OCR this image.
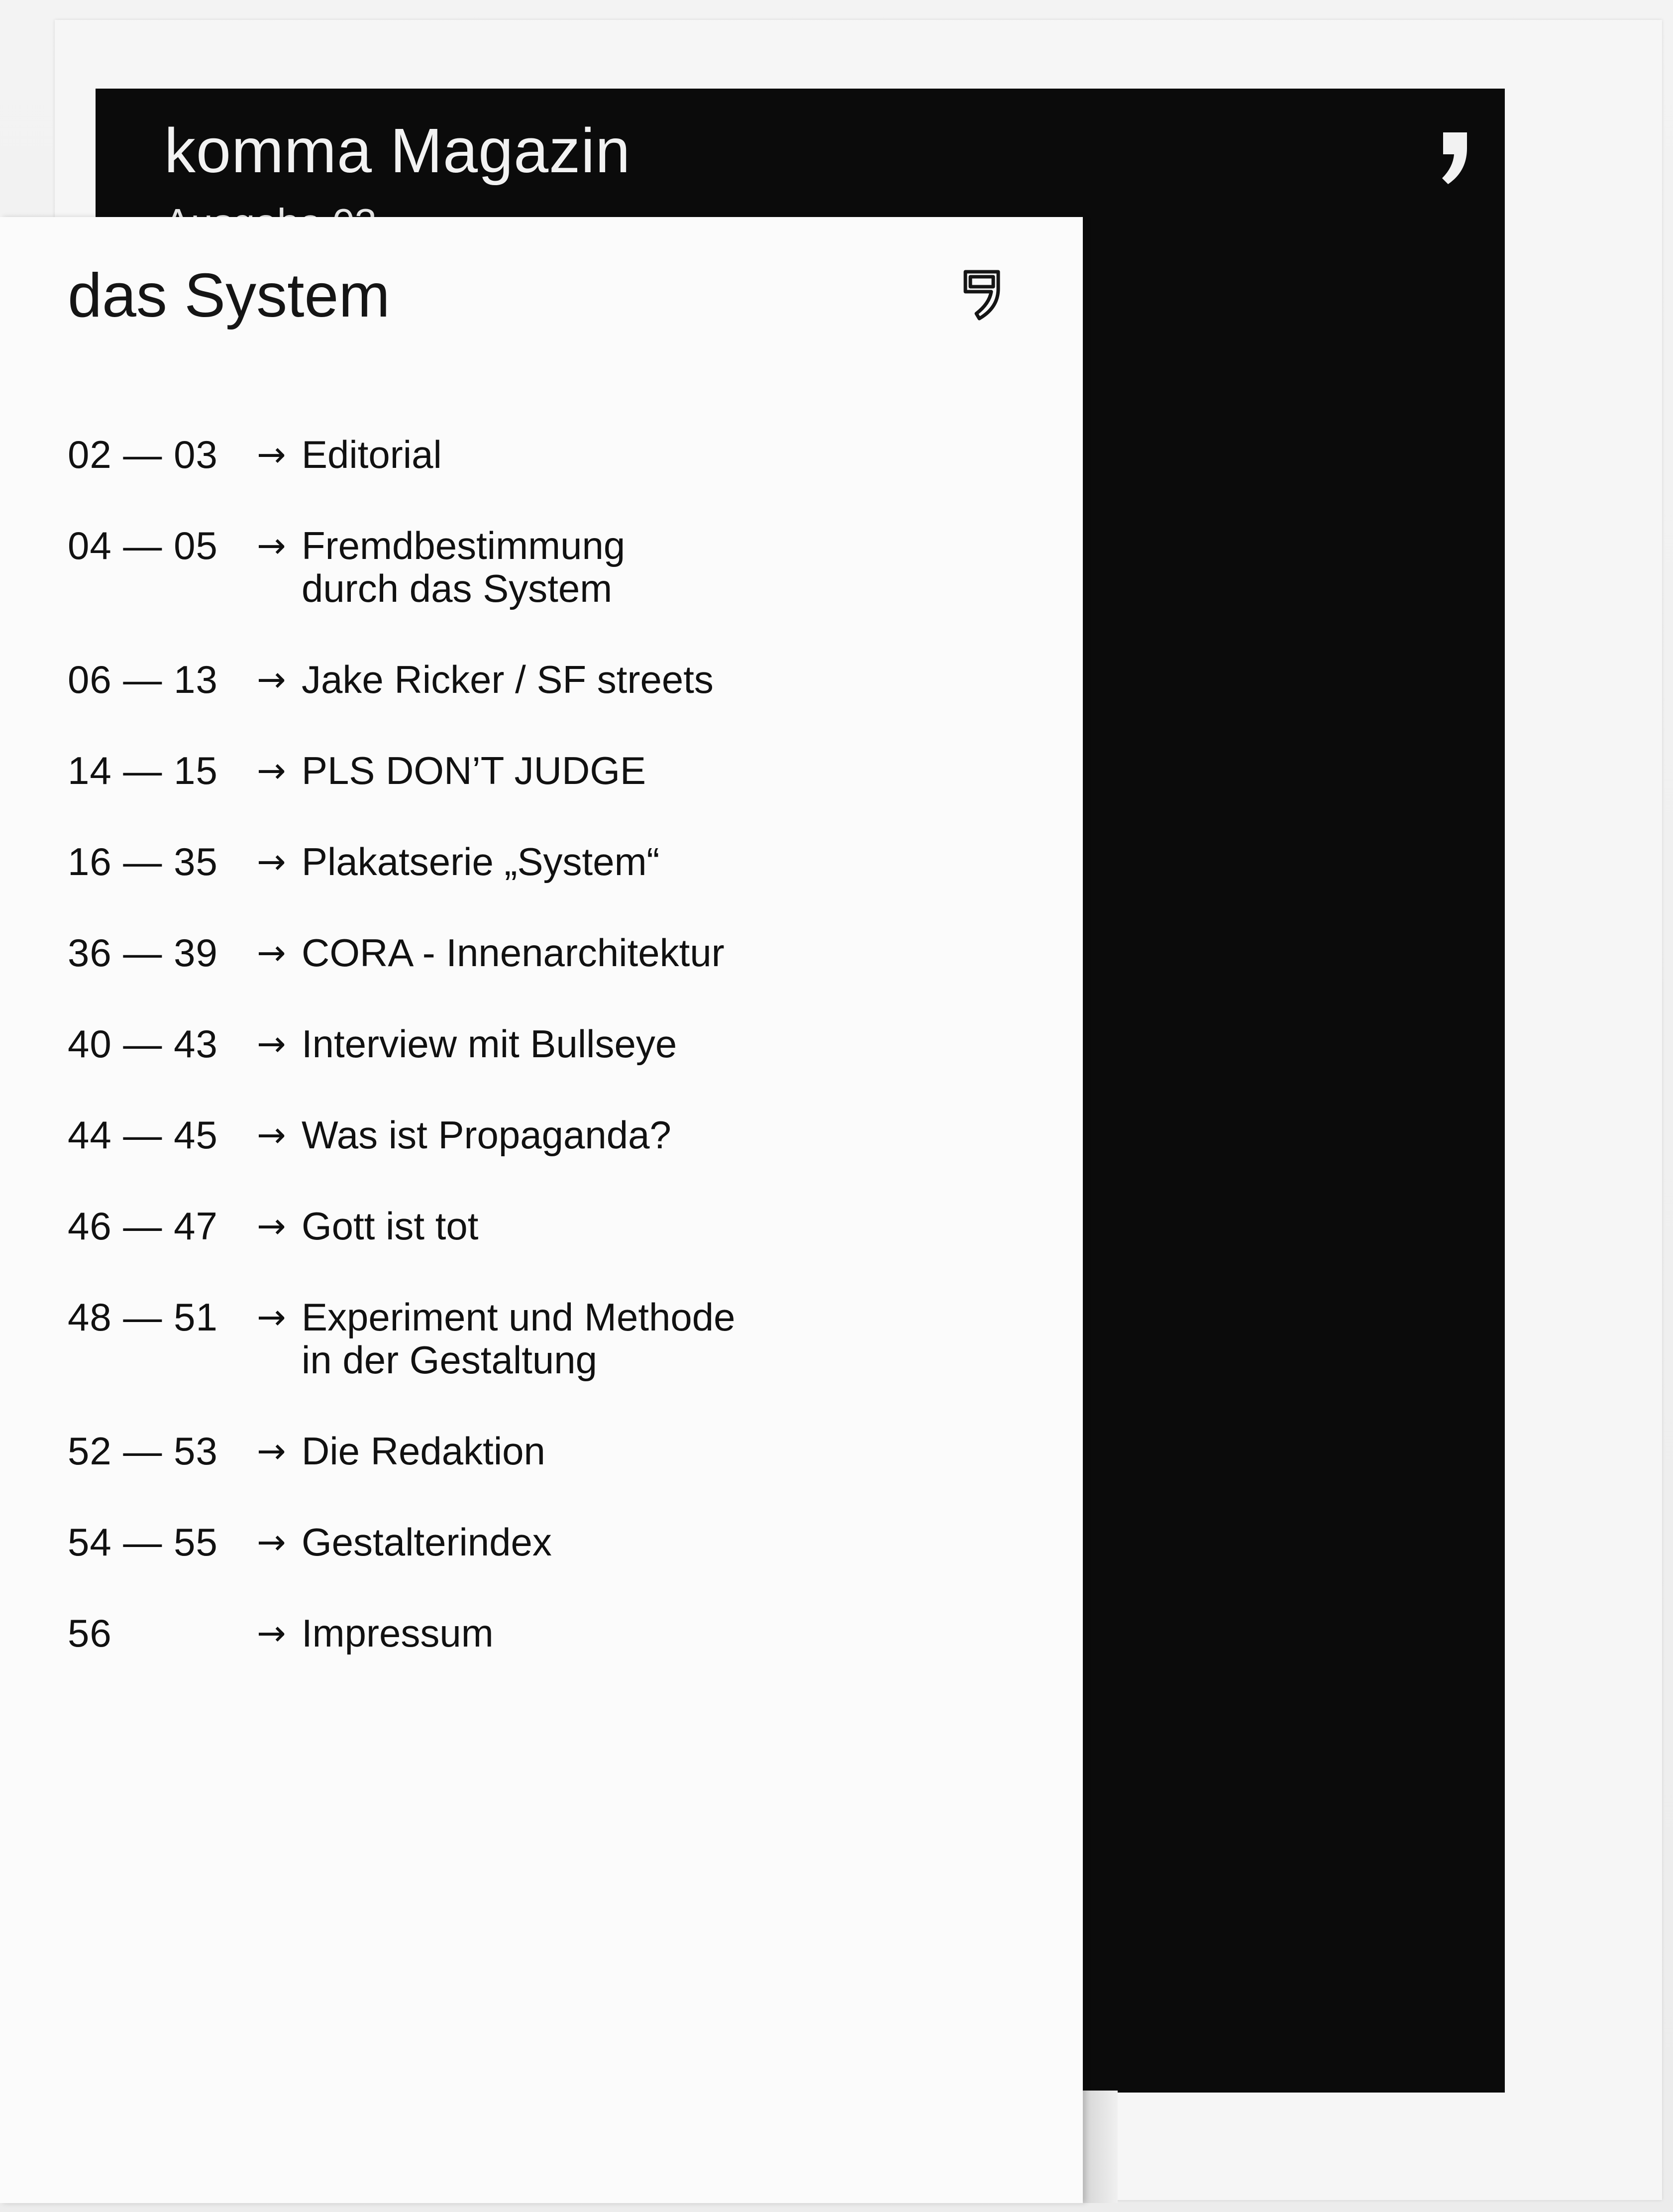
komma Magazin

das System
02 — 03	→ Editorial
04 — 05	→ Fremdbestimmung
durch das System
06 — 13	→ Jake Ricker / SF streets
14 — 15	→ PLS DON’T JUDGE
16 — 35	→ Plakatserie „System“
36 — 39	→ CORA - Innenarchitektur
40 — 43	→ Interview mit Bullseye
44 — 45	→ Was ist Propaganda?
46 — 47	→ Gott ist tot
48 — 51	→ Experiment und Methode
in der Gestaltung
52 — 53	→ Die Redaktion
54 — 55	→ Gestalterindex
56	→ Impressum
